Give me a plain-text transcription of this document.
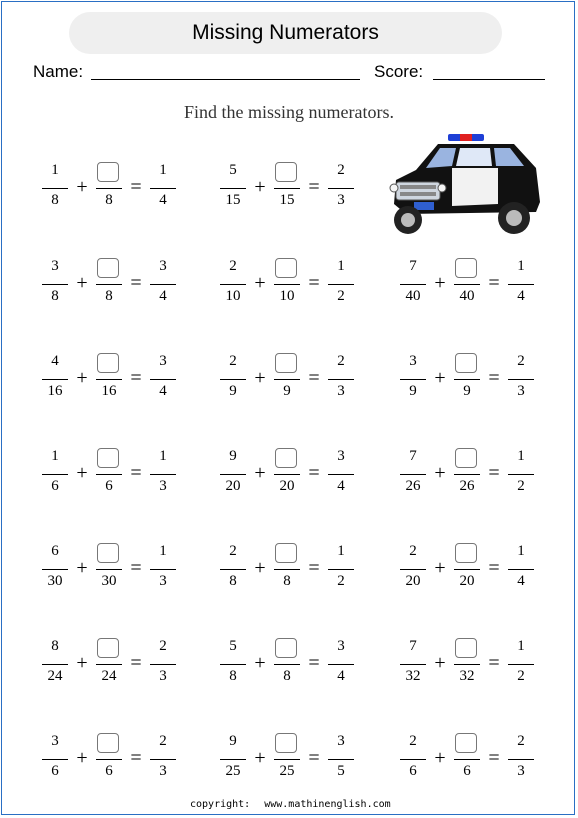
Missing Numerators
Name:	Score:
Find the missing numerators.
1
8
+
8
=
1
4
5
15
+
15
=
2
3
3
8
+
8
=
3
4
2
10
+
10
=
1
2
7
40
+
40
=
1
4
4
16
+
16
=
3
4
2
9
+
9
=
2
3
3
9
+
9
=
2
3
1
6
+
6
=
1
3
9
20
+
20
=
3
4
7
26
+
26
=
1
2
6
30
+
30
=
1
3
2
8
+
8
=
1
2
2
20
+
20
=
1
4
8
24
+
24
=
2
3
5
8
+
8
=
3
4
7
32
+
32
=
1
2
3
6
+
6
=
2
3
9
25
+
25
=
3
5
2
6
+
6
=
2
3
copyright: www.mathinenglish.com
